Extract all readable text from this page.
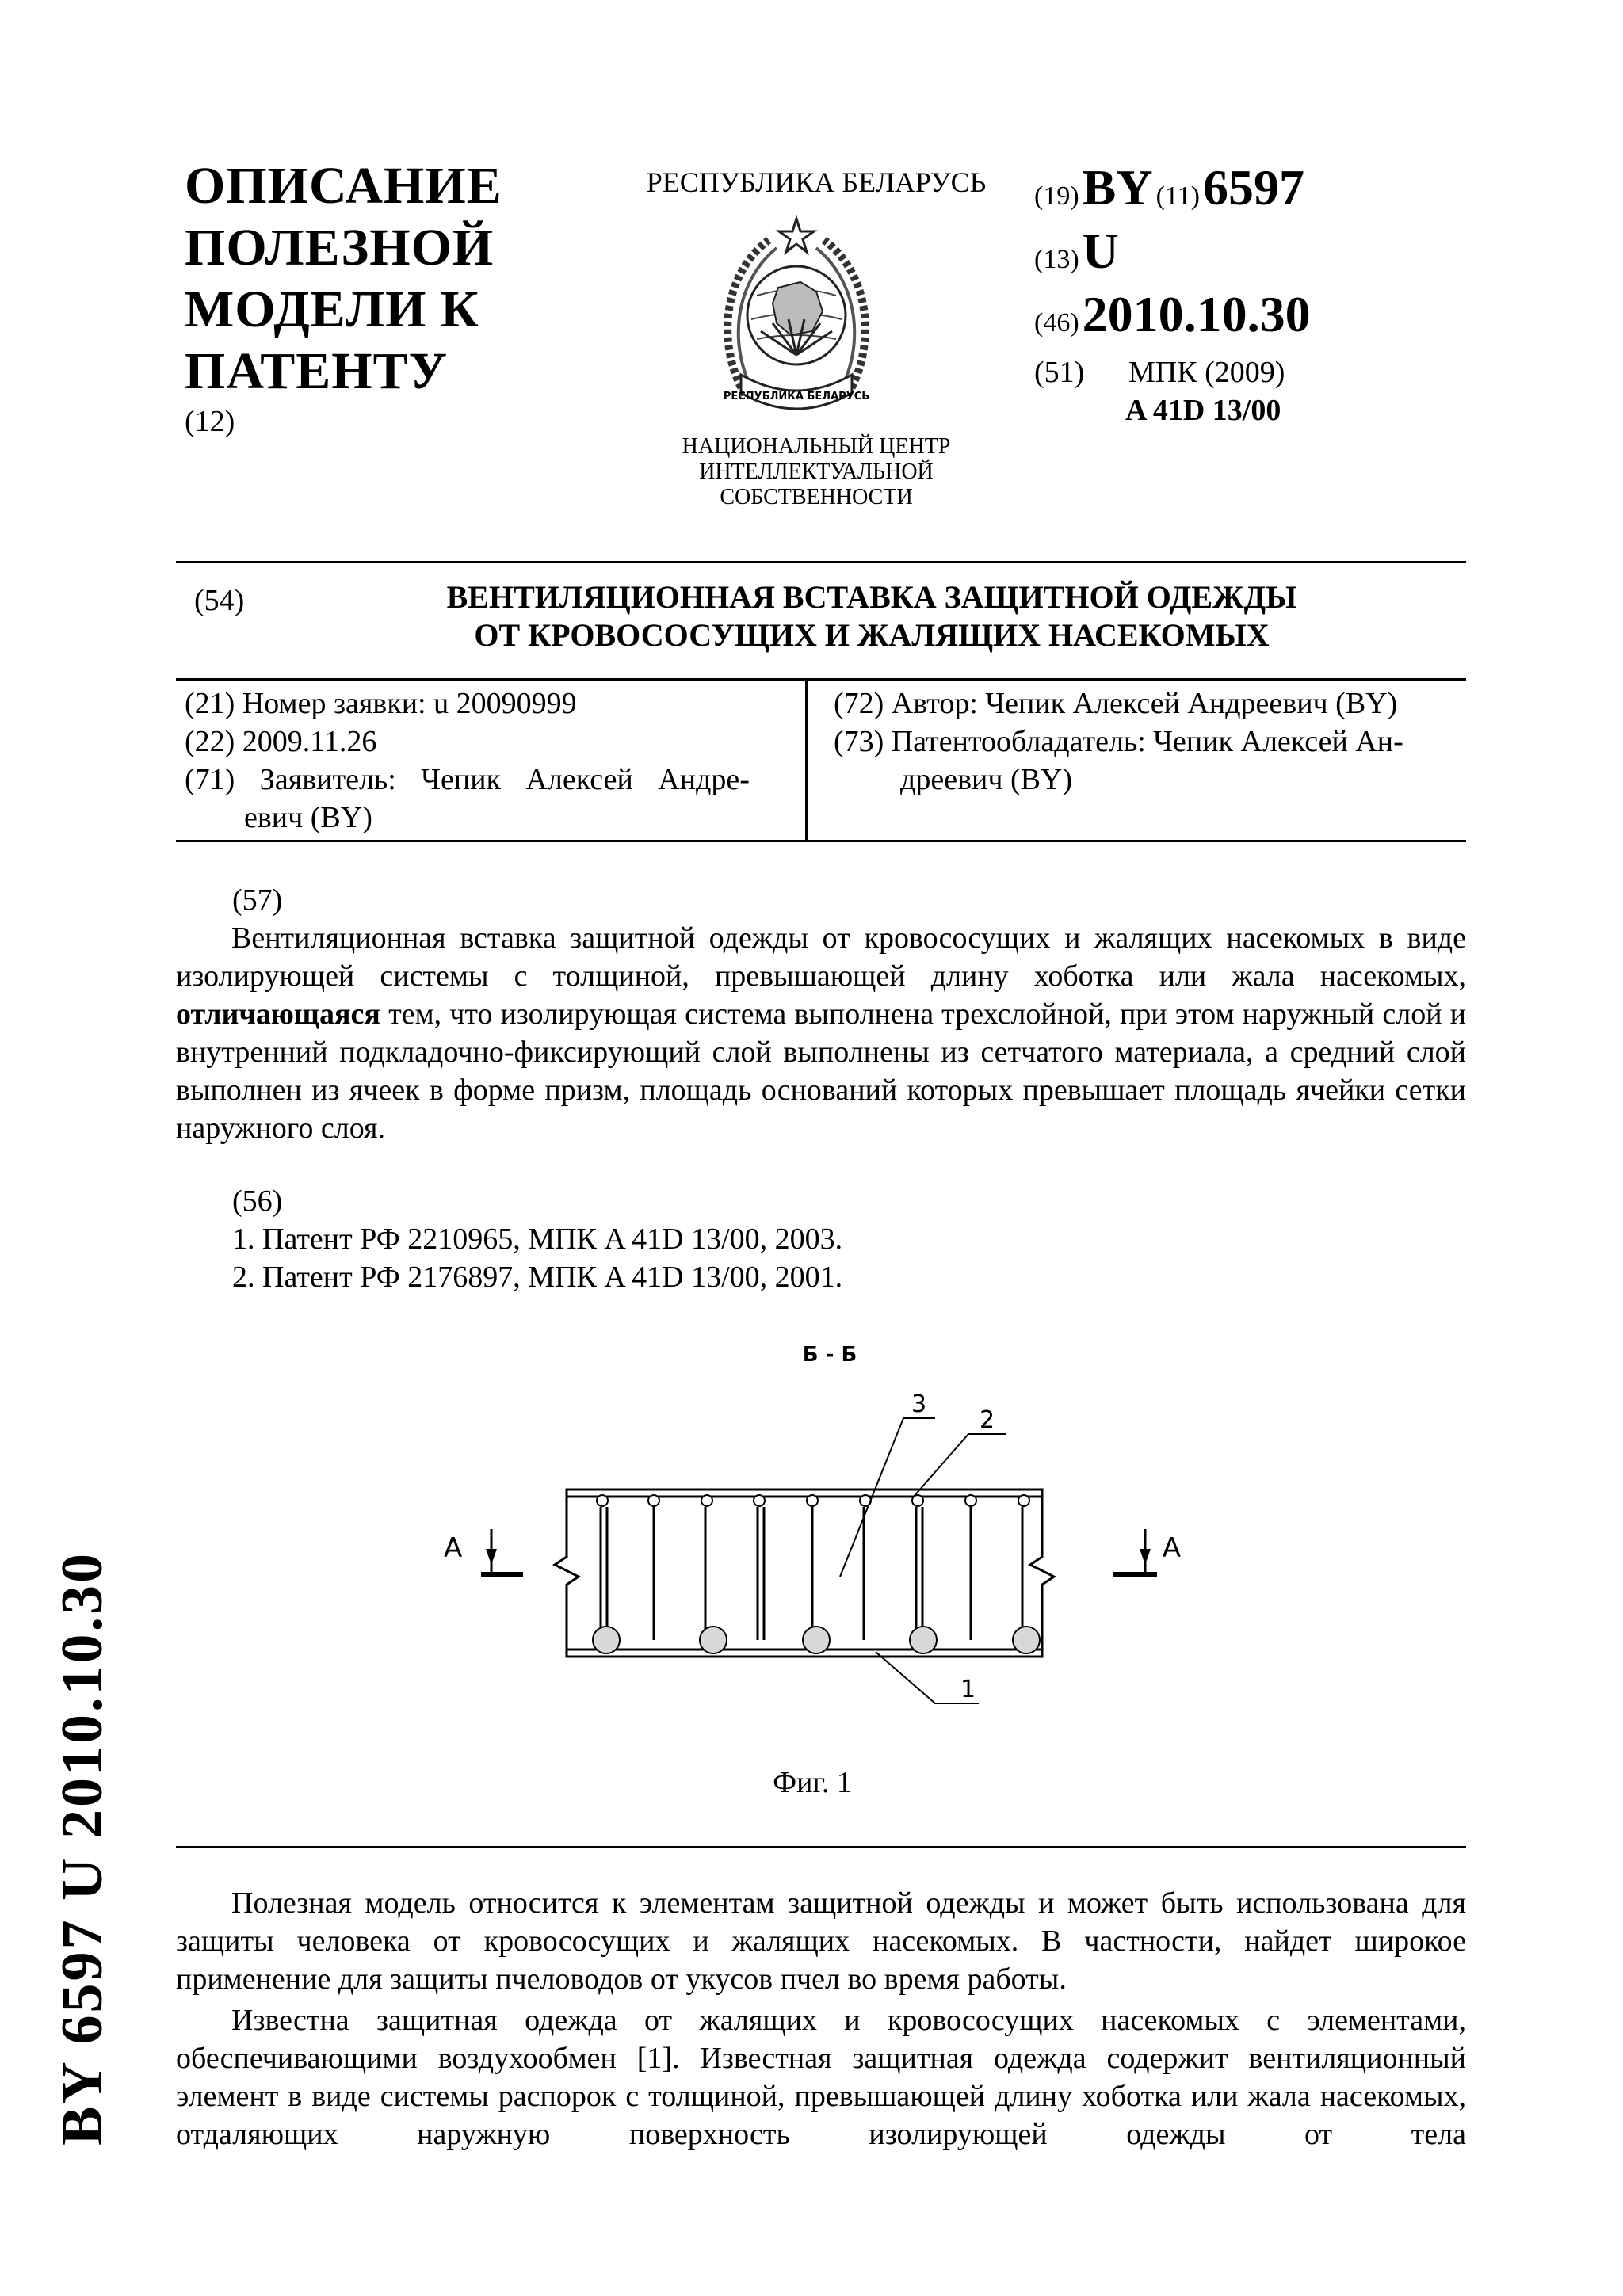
BY 6597 U 2010.10.30
ОПИСАНИЕ
ПОЛЕЗНОЙ
МОДЕЛИ К
ПАТЕНТУ
(12)
РЕСПУБЛИКА БЕЛАРУСЬ
РЕСПУБЛИКА БЕЛАРУСЬ
НАЦИОНАЛЬНЫЙ ЦЕНТР
ИНТЕЛЛЕКТУАЛЬНОЙ
СОБСТВЕННОСТИ
(19) BY (11) 6597
(13) U
(46) 2010.10.30
(51) МПК (2009)
A 41D 13/00
(54)	ВЕНТИЛЯЦИОННАЯ ВСТАВКА ЗАЩИТНОЙ ОДЕЖДЫ
ОТ КРОВОСОСУЩИХ И ЖАЛЯЩИХ НАСЕКОМЫХ
(21) Номер заявки: u 20090999
(22) 2009.11.26
(71) Заявитель: Чепик Алексей Андре-
евич (BY)
(72) Автор: Чепик Алексей Андреевич (BY)
(73) Патентообладатель: Чепик Алексей Ан-
дреевич (BY)
(57)

Вентиляционная вставка защитной одежды от кровососущих и жалящих насекомых в виде изолирующей системы с толщиной, превышающей длину хоботка или жала насекомых, отличающаяся тем, что изолирующая система выполнена трехслойной, при этом наружный слой и внутренний подкладочно-фиксирующий слой выполнены из сетчатого материала, а средний слой выполнен из ячеек в форме призм, площадь оснований которых превышает площадь ячейки сетки наружного слоя.

(56)
1. Патент РФ 2210965, МПК A 41D 13/00, 2003.
2. Патент РФ 2176897, МПК A 41D 13/00, 2001.
Б - Б
A	A
3
2
1
Фиг. 1

Полезная модель относится к элементам защитной одежды и может быть использована для защиты человека от кровососущих и жалящих насекомых. В частности, найдет широкое применение для защиты пчеловодов от укусов пчел во время работы.

Известна защитная одежда от жалящих и кровососущих насекомых с элементами, обеспечивающими воздухообмен [1]. Известная защитная одежда содержит вентиляционный элемент в виде системы распорок с толщиной, превышающей длину хоботка или жала насекомых, отдаляющих наружную поверхность изолирующей одежды от тела
